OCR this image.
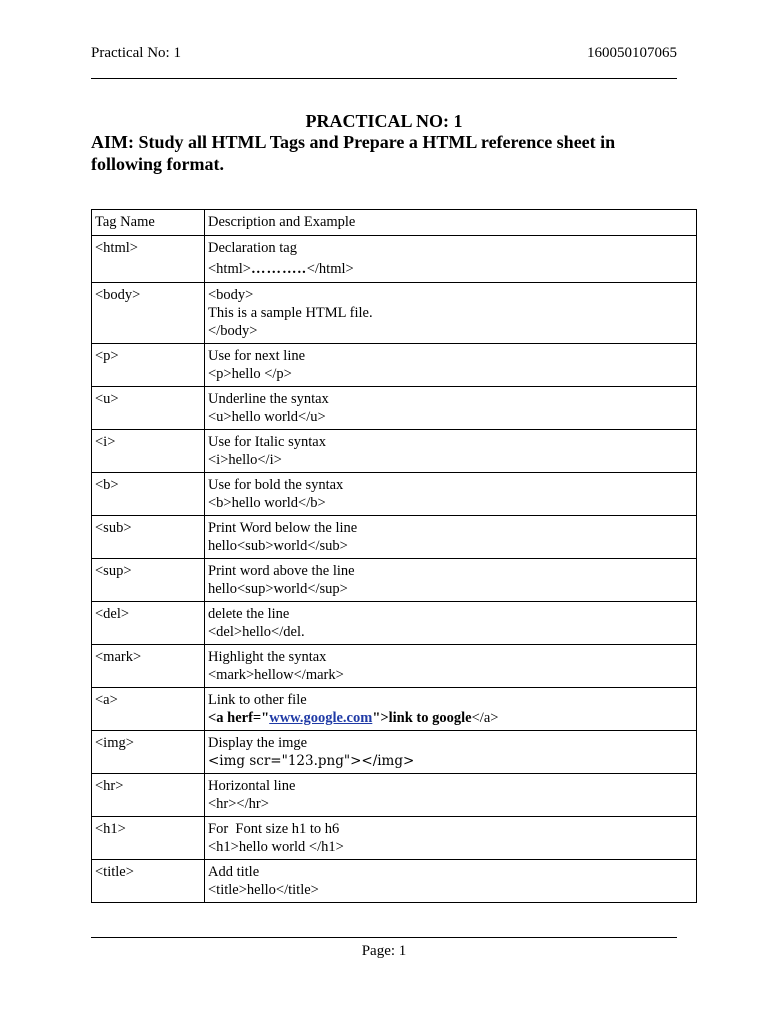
Practical No: 1	160050107065
PRACTICAL NO: 1
AIM: Study all HTML Tags and Prepare a HTML reference sheet in
following format.
Tag Name	Description and Example
<html>	Declaration tag
<html>………..</html>

<body>	<body>
This is a sample HTML file.
</body>

<p>	Use for next line
<p>hello </p>

<u>	Underline the syntax
<u>hello world</u>

<i>	Use for Italic syntax
<i>hello</i>

<b>	Use for bold the syntax
<b>hello world</b>

<sub>	Print Word below the line
hello<sub>world</sub>

<sup>	Print word above the line
hello<sup>world</sup>

<del>	delete the line
<del>hello</del.

<mark>	Highlight the syntax
<mark>hellow</mark>

<a>	Link to other file
<a herf="www.google.com">link to google</a>

<img>	Display the imge
<img scr="123.png"></img>

<hr>	Horizontal line
<hr></hr>

<h1>	For  Font size h1 to h6
<h1>hello world </h1>

<title>	Add title
<title>hello</title>
Page: 1
